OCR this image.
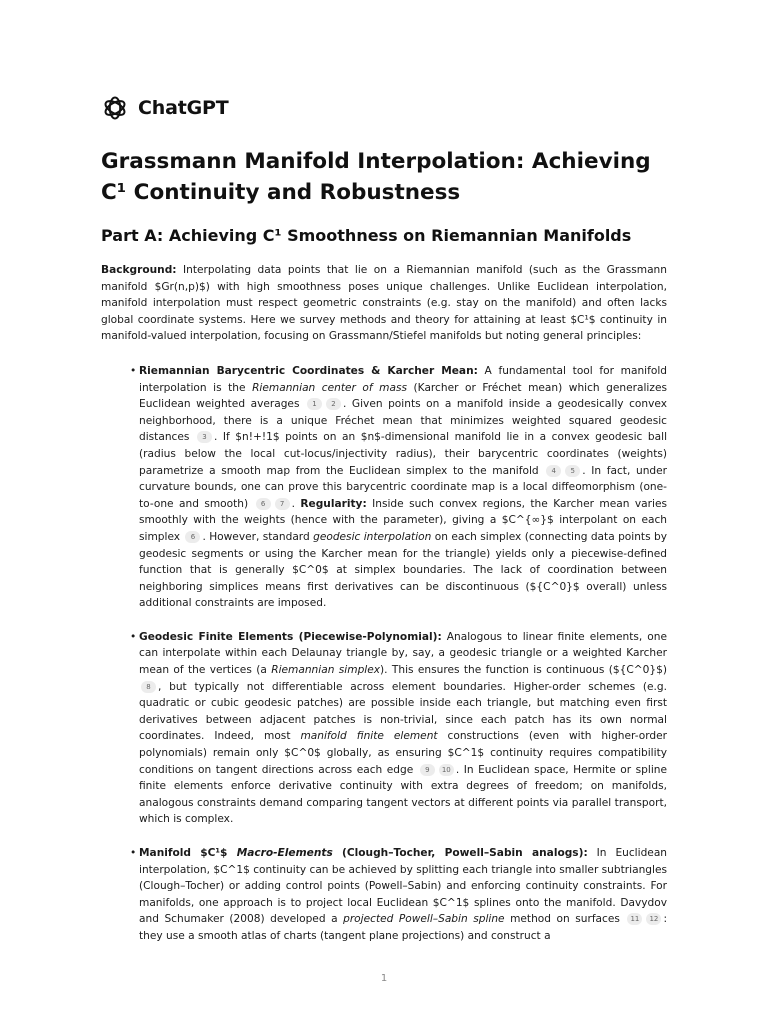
ChatGPT
Grassmann Manifold Interpolation: Achieving C¹ Continuity and Robustness
Part A: Achieving C¹ Smoothness on Riemannian Manifolds

Background: Interpolating data points that lie on a Riemannian manifold (such as the Grassmann manifold $Gr(n,p)$) with high smoothness poses unique challenges. Unlike Euclidean interpolation, manifold interpolation must respect geometric constraints (e.g. stay on the manifold) and often lacks global coordinate systems. Here we survey methods and theory for attaining at least $C¹$ continuity in manifold-valued interpolation, focusing on Grassmann/Stiefel manifolds but noting general principles:

• Riemannian Barycentric Coordinates & Karcher Mean: A fundamental tool for manifold interpolation is the Riemannian center of mass (Karcher or Fréchet mean) which generalizes Euclidean weighted averages 1 2 . Given points on a manifold inside a geodesically convex neighborhood, there is a unique Fréchet mean that minimizes weighted squared geodesic distances 3 . If $n!+!1$ points on an $n$-dimensional manifold lie in a convex geodesic ball (radius below the local cut-locus/injectivity radius), their barycentric coordinates (weights) parametrize a smooth map from the Euclidean simplex to the manifold 4 5 . In fact, under curvature bounds, one can prove this barycentric coordinate map is a local diffeomorphism (one-to-one and smooth) 6 7 . Regularity: Inside such convex regions, the Karcher mean varies smoothly with the weights (hence with the parameter), giving a $C^{∞}$ interpolant on each simplex 6 . However, standard geodesic interpolation on each simplex (connecting data points by geodesic segments or using the Karcher mean for the triangle) yields only a piecewise-defined function that is generally $C^0$ at simplex boundaries. The lack of coordination between neighboring simplices means first derivatives can be discontinuous (${C^0}$ overall) unless additional constraints are imposed.
• Geodesic Finite Elements (Piecewise-Polynomial): Analogous to linear finite elements, one can interpolate within each Delaunay triangle by, say, a geodesic triangle or a weighted Karcher mean of the vertices (a Riemannian simplex). This ensures the function is continuous (${C^0}$) 8 , but typically not differentiable across element boundaries. Higher-order schemes (e.g. quadratic or cubic geodesic patches) are possible inside each triangle, but matching even first derivatives between adjacent patches is non-trivial, since each patch has its own normal coordinates. Indeed, most manifold finite element constructions (even with higher-order polynomials) remain only $C^0$ globally, as ensuring $C^1$ continuity requires compatibility conditions on tangent directions across each edge 9 10 . In Euclidean space, Hermite or spline finite elements enforce derivative continuity with extra degrees of freedom; on manifolds, analogous constraints demand comparing tangent vectors at different points via parallel transport, which is complex.
• Manifold $C¹$ Macro-Elements (Clough–Tocher, Powell–Sabin analogs): In Euclidean interpolation, $C^1$ continuity can be achieved by splitting each triangle into smaller subtriangles (Clough–Tocher) or adding control points (Powell–Sabin) and enforcing continuity constraints. For manifolds, one approach is to project local Euclidean $C^1$ splines onto the manifold. Davydov and Schumaker (2008) developed a projected Powell–Sabin spline method on surfaces 11 12 : they use a smooth atlas of charts (tangent plane projections) and construct a
1
